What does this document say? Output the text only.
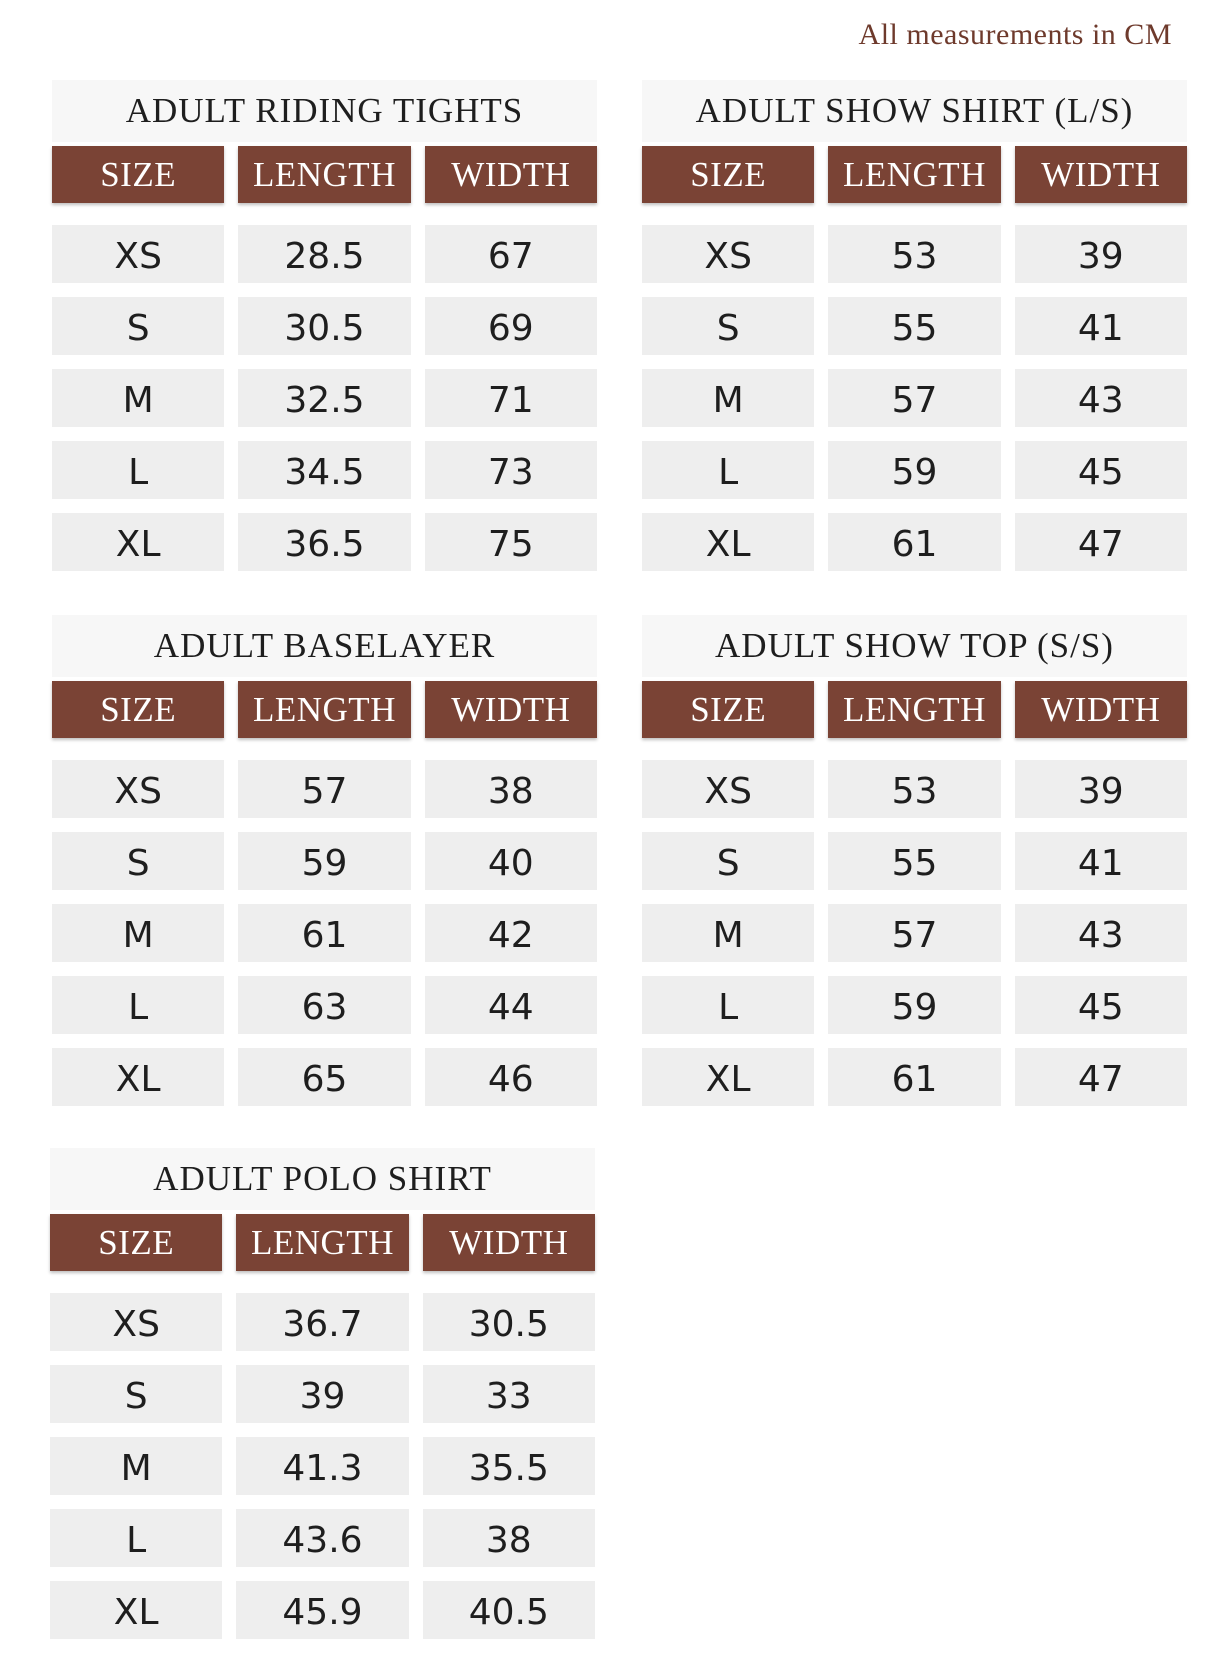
All measurements in CM
ADULT RIDING TIGHTS
SIZE	LENGTH	WIDTH
XS	28.5	67
S	30.5	69
M	32.5	71
L	34.5	73
XL	36.5	75
ADULT SHOW SHIRT (L/S)
SIZE	LENGTH	WIDTH
XS	53	39
S	55	41
M	57	43
L	59	45
XL	61	47
ADULT BASELAYER
SIZE	LENGTH	WIDTH
XS	57	38
S	59	40
M	61	42
L	63	44
XL	65	46
ADULT SHOW TOP (S/S)
SIZE	LENGTH	WIDTH
XS	53	39
S	55	41
M	57	43
L	59	45
XL	61	47
ADULT POLO SHIRT
SIZE	LENGTH	WIDTH
XS	36.7	30.5
S	39	33
M	41.3	35.5
L	43.6	38
XL	45.9	40.5
